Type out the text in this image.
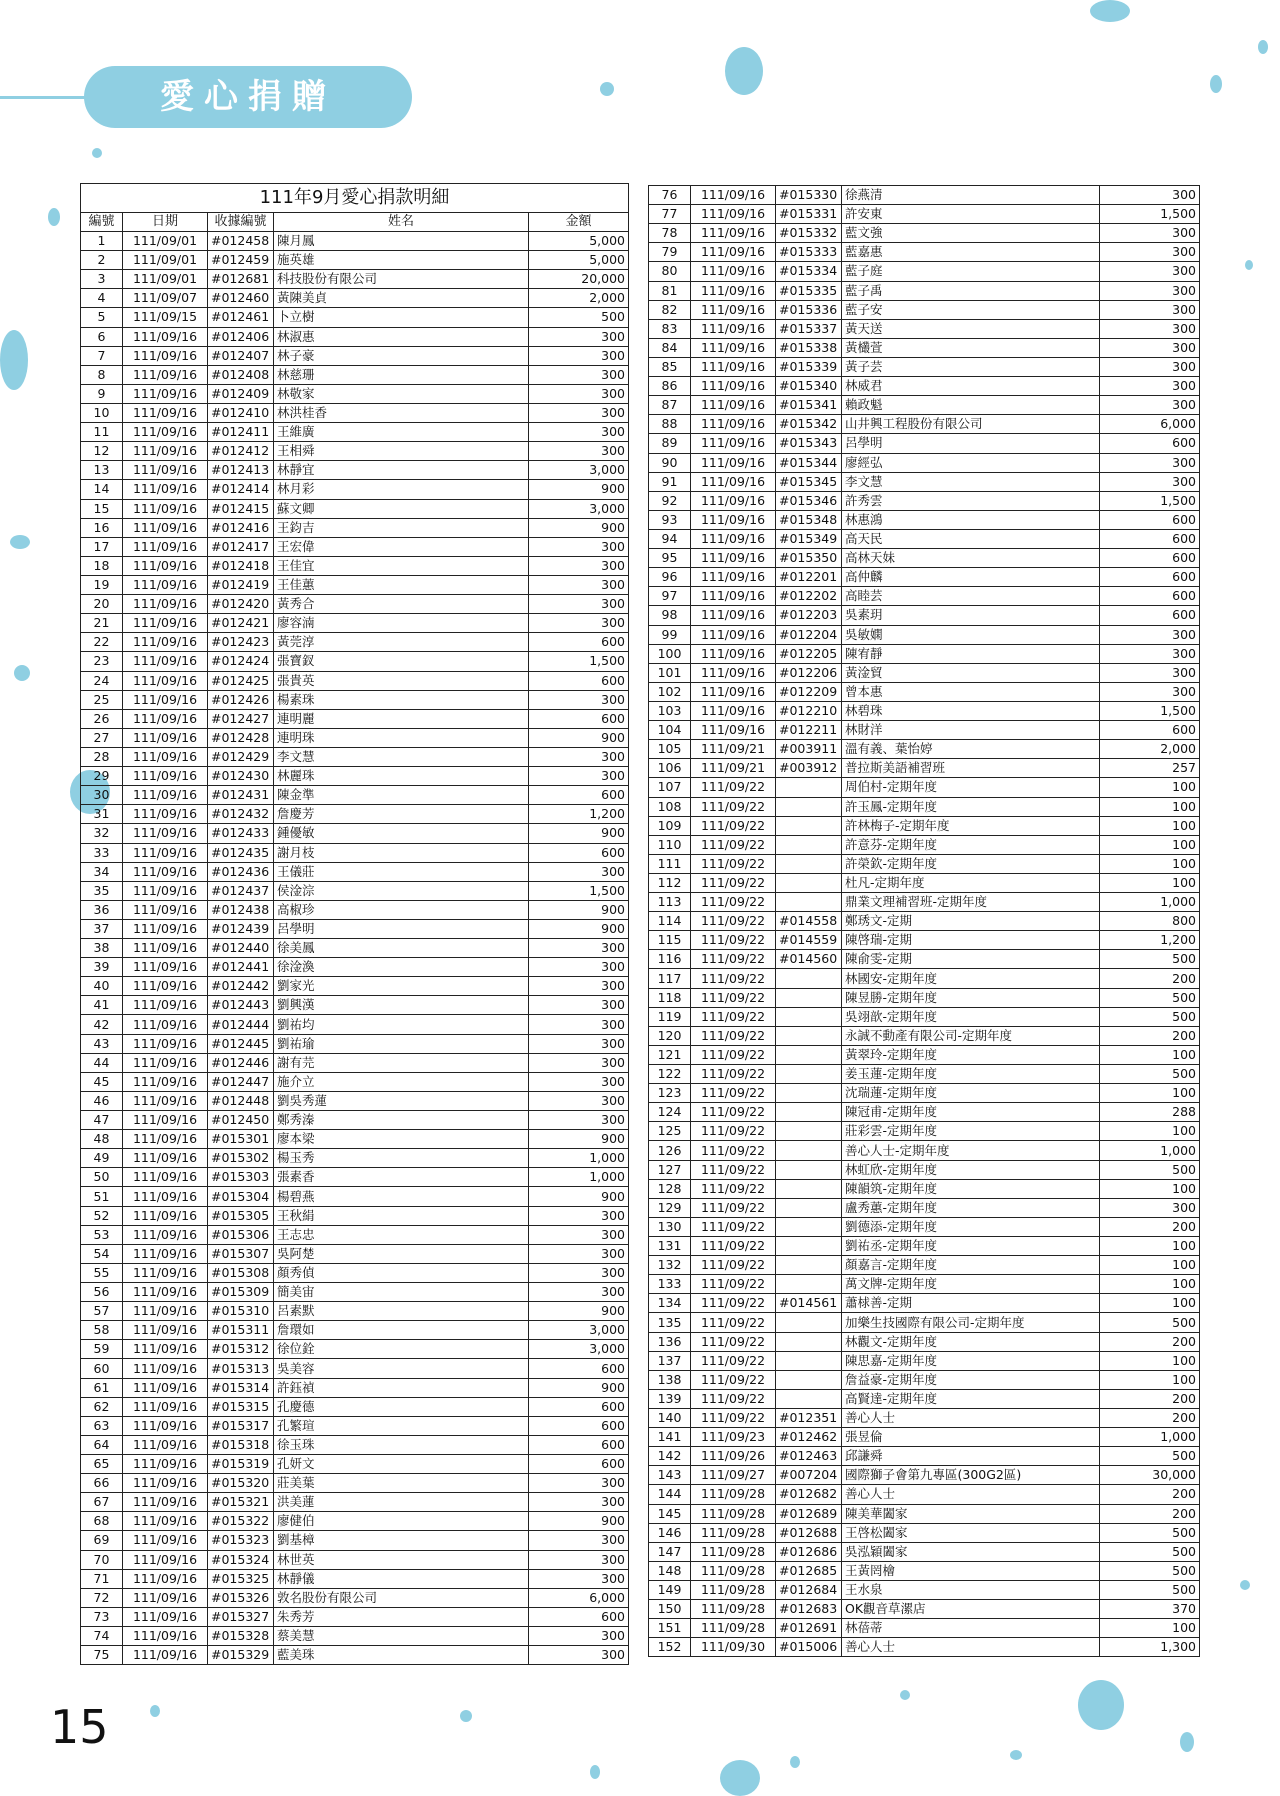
愛心捐贈
111年9月愛心捐款明細				
編號	日期	收據編號	姓名	金額
1	111/09/01	#012458	陳月鳳	5,000
2	111/09/01	#012459	施英雄	5,000
3	111/09/01	#012681	科技股份有限公司	20,000
4	111/09/07	#012460	黃陳美貞	2,000
5	111/09/15	#012461	卜立樹	500
6	111/09/16	#012406	林淑惠	300
7	111/09/16	#012407	林子豪	300
8	111/09/16	#012408	林慈珊	300
9	111/09/16	#012409	林敬家	300
10	111/09/16	#012410	林洪桂香	300
11	111/09/16	#012411	王維廣	300
12	111/09/16	#012412	王相舜	300
13	111/09/16	#012413	林靜宜	3,000
14	111/09/16	#012414	林月彩	900
15	111/09/16	#012415	蘇文卿	3,000
16	111/09/16	#012416	王鈞吉	900
17	111/09/16	#012417	王宏偉	300
18	111/09/16	#012418	王佳宜	300
19	111/09/16	#012419	王佳蕙	300
20	111/09/16	#012420	黃秀合	300
21	111/09/16	#012421	廖容湳	300
22	111/09/16	#012423	黃莞淳	600
23	111/09/16	#012424	張寶釵	1,500
24	111/09/16	#012425	張貴英	600
25	111/09/16	#012426	楊素珠	300
26	111/09/16	#012427	連明麗	600
27	111/09/16	#012428	連明珠	900
28	111/09/16	#012429	李文慧	300
29	111/09/16	#012430	林麗珠	300
30	111/09/16	#012431	陳金準	600
31	111/09/16	#012432	詹慶芳	1,200
32	111/09/16	#012433	鍾優敏	900
33	111/09/16	#012435	謝月枝	600
34	111/09/16	#012436	王儀莊	300
35	111/09/16	#012437	侯淦淙	1,500
36	111/09/16	#012438	高椒珍	900
37	111/09/16	#012439	呂學明	900
38	111/09/16	#012440	徐美鳳	300
39	111/09/16	#012441	徐淦渙	300
40	111/09/16	#012442	劉家光	300
41	111/09/16	#012443	劉興漢	300
42	111/09/16	#012444	劉祐均	300
43	111/09/16	#012445	劉祐瑜	300
44	111/09/16	#012446	謝有芫	300
45	111/09/16	#012447	施介立	300
46	111/09/16	#012448	劉吳秀蓮	300
47	111/09/16	#012450	鄭秀溱	300
48	111/09/16	#015301	廖本梁	900
49	111/09/16	#015302	楊玉秀	1,000
50	111/09/16	#015303	張素香	1,000
51	111/09/16	#015304	楊碧燕	900
52	111/09/16	#015305	王秋絹	300
53	111/09/16	#015306	王志忠	300
54	111/09/16	#015307	吳阿楚	300
55	111/09/16	#015308	顏秀偵	300
56	111/09/16	#015309	簡美宙	300
57	111/09/16	#015310	呂素默	900
58	111/09/16	#015311	詹環如	3,000
59	111/09/16	#015312	徐位銓	3,000
60	111/09/16	#015313	吳美容	600
61	111/09/16	#015314	許鈺禎	900
62	111/09/16	#015315	孔慶德	600
63	111/09/16	#015317	孔繁瑄	600
64	111/09/16	#015318	徐玉珠	600
65	111/09/16	#015319	孔妍文	600
66	111/09/16	#015320	莊美葉	300
67	111/09/16	#015321	洪美蓮	300
68	111/09/16	#015322	廖健伯	900
69	111/09/16	#015323	劉基樟	300
70	111/09/16	#015324	林世英	300
71	111/09/16	#015325	林靜儀	300
72	111/09/16	#015326	敦名股份有限公司	6,000
73	111/09/16	#015327	朱秀芳	600
74	111/09/16	#015328	蔡美慧	300
75	111/09/16	#015329	藍美珠	300
76	111/09/16	#015330	徐燕清	300
77	111/09/16	#015331	許安東	1,500
78	111/09/16	#015332	藍文強	300
79	111/09/16	#015333	藍嘉惠	300
80	111/09/16	#015334	藍子庭	300
81	111/09/16	#015335	藍子禹	300
82	111/09/16	#015336	藍子安	300
83	111/09/16	#015337	黃天送	300
84	111/09/16	#015338	黃欉萱	300
85	111/09/16	#015339	黃子芸	300
86	111/09/16	#015340	林威君	300
87	111/09/16	#015341	賴政魁	300
88	111/09/16	#015342	山井興工程股份有限公司	6,000
89	111/09/16	#015343	呂學明	600
90	111/09/16	#015344	廖經弘	300
91	111/09/16	#015345	李文慧	300
92	111/09/16	#015346	許秀雲	1,500
93	111/09/16	#015348	林惠鴻	600
94	111/09/16	#015349	高天民	600
95	111/09/16	#015350	高林天妹	600
96	111/09/16	#012201	高仲麟	600
97	111/09/16	#012202	高睦芸	600
98	111/09/16	#012203	吳素玥	600
99	111/09/16	#012204	吳敏嫻	300
100	111/09/16	#012205	陳宥靜	300
101	111/09/16	#012206	黃淦貿	300
102	111/09/16	#012209	曾本惠	300
103	111/09/16	#012210	林碧珠	1,500
104	111/09/16	#012211	林財洋	600
105	111/09/21	#003911	溫有義、葉怡婷	2,000
106	111/09/21	#003912	普拉斯美語補習班	257
107	111/09/22		周伯村-定期年度	100
108	111/09/22		許玉鳳-定期年度	100
109	111/09/22		許林梅子-定期年度	100
110	111/09/22		許意芬-定期年度	100
111	111/09/22		許榮欽-定期年度	100
112	111/09/22		杜凡-定期年度	100
113	111/09/22		鼎業文理補習班-定期年度	1,000
114	111/09/22	#014558	鄭琇文-定期	800
115	111/09/22	#014559	陳啓瑞-定期	1,200
116	111/09/22	#014560	陳俞雯-定期	500
117	111/09/22		林國安-定期年度	200
118	111/09/22		陳昱勝-定期年度	500
119	111/09/22		吳翊歆-定期年度	500
120	111/09/22		永誠不動產有限公司-定期年度	200
121	111/09/22		黃翠玲-定期年度	100
122	111/09/22		姜玉蓮-定期年度	500
123	111/09/22		沈瑞蓮-定期年度	100
124	111/09/22		陳冠甫-定期年度	288
125	111/09/22		莊彩雲-定期年度	100
126	111/09/22		善心人士-定期年度	1,000
127	111/09/22		林虹欣-定期年度	500
128	111/09/22		陳韻筑-定期年度	100
129	111/09/22		盧秀蕙-定期年度	300
130	111/09/22		劉德添-定期年度	200
131	111/09/22		劉祐丞-定期年度	100
132	111/09/22		顏嘉言-定期年度	100
133	111/09/22		萬文牌-定期年度	100
134	111/09/22	#014561	蕭梂善-定期	100
135	111/09/22		加樂生技國際有限公司-定期年度	500
136	111/09/22		林觀文-定期年度	200
137	111/09/22		陳思嘉-定期年度	100
138	111/09/22		詹益豪-定期年度	100
139	111/09/22		高賢達-定期年度	200
140	111/09/22	#012351	善心人士	200
141	111/09/23	#012462	張昱倫	1,000
142	111/09/26	#012463	邱謙舜	500
143	111/09/27	#007204	國際獅子會第九專區(300G2區)	30,000
144	111/09/28	#012682	善心人士	200
145	111/09/28	#012689	陳美華闔家	200
146	111/09/28	#012688	王啓松闔家	500
147	111/09/28	#012686	吳泓穎闔家	500
148	111/09/28	#012685	王黃罔檜	500
149	111/09/28	#012684	王水泉	500
150	111/09/28	#012683	OK觀音草漯店	370
151	111/09/28	#012691	林蓓蒂	100
152	111/09/30	#015006	善心人士	1,300
15
